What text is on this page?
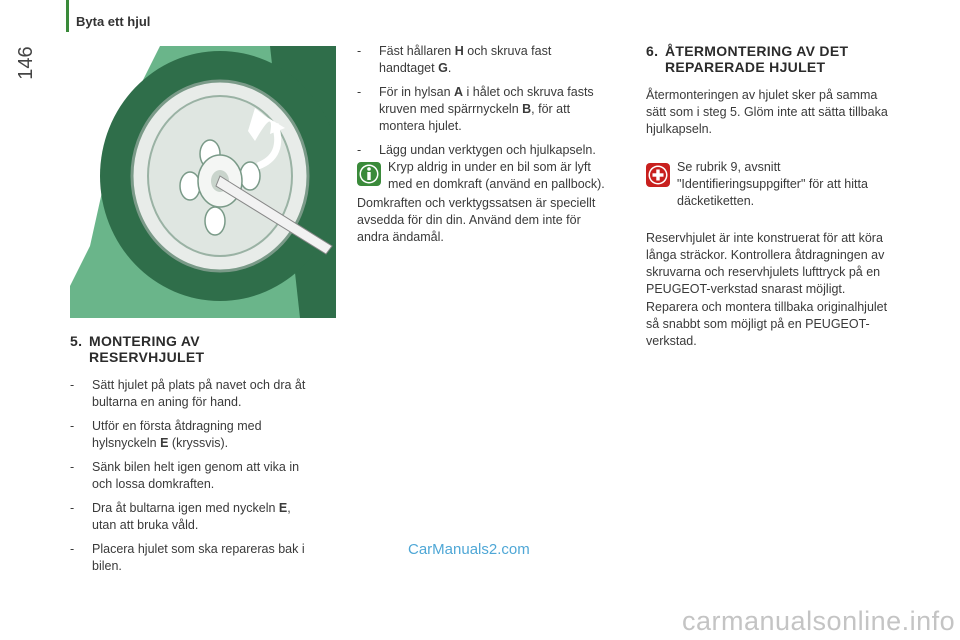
146
Byta ett hjul
5. MONTERING AV
RESERVHJULET
- Sätt hjulet på plats på navet och dra åt
bultarna en aning för hand.
- Utför en första åtdragning med
hylsnyckeln E (kryssvis).
- Sänk bilen helt igen genom att vika in
och lossa domkraften.
- Dra åt bultarna igen med nyckeln E,
utan att bruka våld.
- Placera hjulet som ska repareras bak i
bilen.
- Fäst hållaren H och skruva fast
handtaget G.
- För in hylsan A i hålet och skruva fasts
kruven med spärrnyckeln B, för att
montera hjulet.
- Lägg undan verktygen och hjulkapseln.
Kryp aldrig in under en bil som är lyft
med en domkraft (använd en pallbock).
Domkraften och verktygssatsen är speciellt
avsedda för din din. Använd dem inte för
andra ändamål.
6. ÅTERMONTERING AV DET
REPARERADE HJULET
Återmonteringen av hjulet sker på samma
sätt som i steg 5. Glöm inte att sätta tillbaka
hjulkapseln.
Se rubrik 9, avsnitt
"Identifieringsuppgifter" för att hitta
däcketiketten.
Reservhjulet är inte konstruerat för att köra
långa sträckor. Kontrollera åtdragningen av
skruvarna och reservhjulets lufttryck på en
PEUGEOT-verkstad snarast möjligt.
Reparera och montera tillbaka originalhjulet
så snabbt som möjligt på en PEUGEOT-
verkstad.
CarManuals2.com
carmanualsonline.info
